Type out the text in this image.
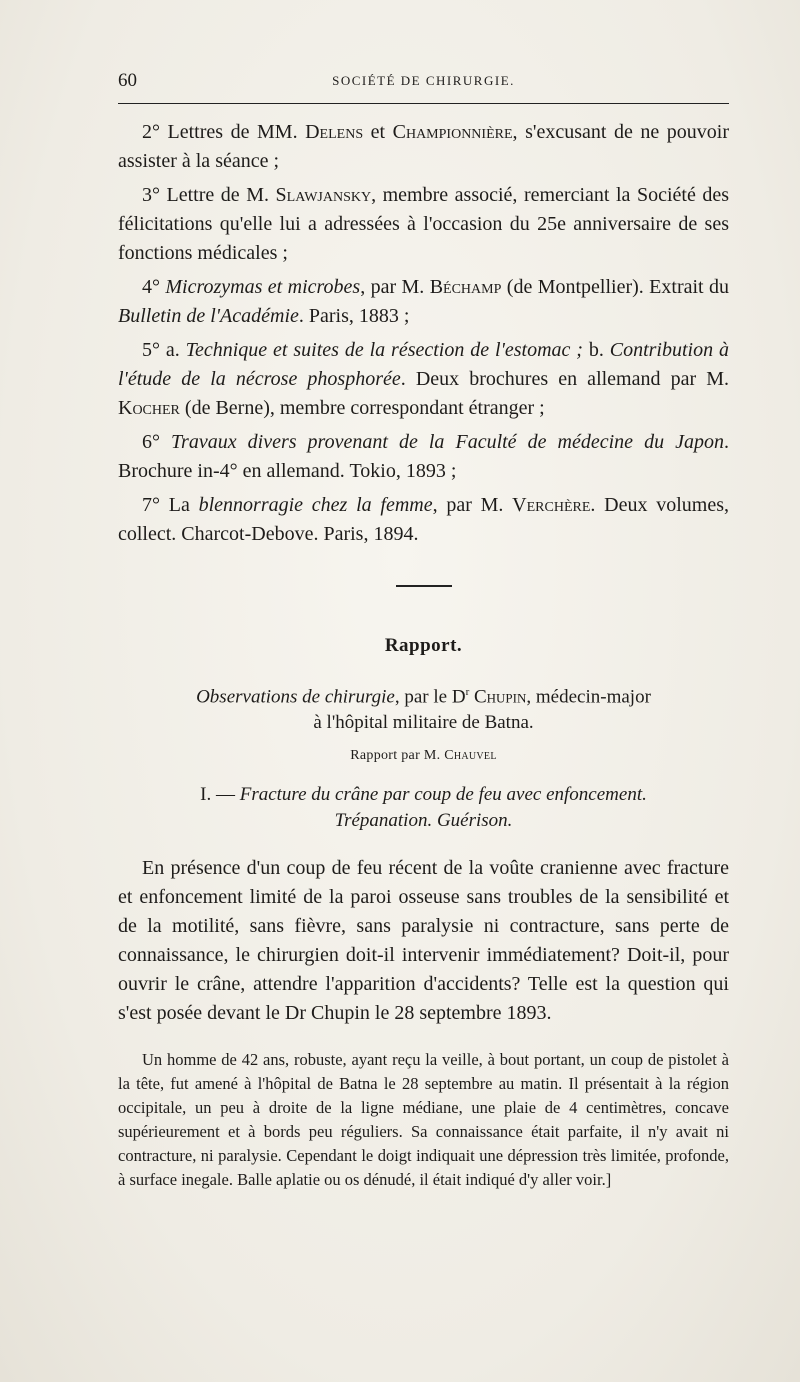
60	SOCIÉTÉ DE CHIRURGIE.

2° Lettres de MM. Delens et Championnière, s'excusant de ne pouvoir assister à la séance ;

3° Lettre de M. Slawjansky, membre associé, remerciant la Société des félicitations qu'elle lui a adressées à l'occasion du 25e anniversaire de ses fonctions médicales ;

4° Microzymas et microbes, par M. Béchamp (de Montpellier). Extrait du Bulletin de l'Académie. Paris, 1883 ;

5° a. Technique et suites de la résection de l'estomac ; b. Contribution à l'étude de la nécrose phosphorée. Deux brochures en allemand par M. Kocher (de Berne), membre correspondant étranger ;

6° Travaux divers provenant de la Faculté de médecine du Japon. Brochure in-4° en allemand. Tokio, 1893 ;

7° La blennorragie chez la femme, par M. Verchère. Deux volumes, collect. Charcot-Debove. Paris, 1894.

Rapport.
Observations de chirurgie, par le $D^r$ Chupin, médecin-major
à l'hôpital militaire de Batna.
Rapport par M. Chauvel
I. — Fracture du crâne par coup de feu avec enfoncement.
Trépanation. Guérison.

En présence d'un coup de feu récent de la voûte cranienne avec fracture et enfoncement limité de la paroi osseuse sans troubles de la sensibilité et de la motilité, sans fièvre, sans paralysie ni contracture, sans perte de connaissance, le chirurgien doit-il intervenir immédiatement? Doit-il, pour ouvrir le crâne, attendre l'apparition d'accidents? Telle est la question qui s'est posée devant le Dr Chupin le 28 septembre 1893.

Un homme de 42 ans, robuste, ayant reçu la veille, à bout portant, un coup de pistolet à la tête, fut amené à l'hôpital de Batna le 28 septembre au matin. Il présentait à la région occipitale, un peu à droite de la ligne médiane, une plaie de 4 centimètres, concave supérieurement et à bords peu réguliers. Sa connaissance était parfaite, il n'y avait ni contracture, ni paralysie. Cependant le doigt indiquait une dépression très limitée, profonde, à surface inegale. Balle aplatie ou os dénudé, il était indiqué d'y aller voir.]
